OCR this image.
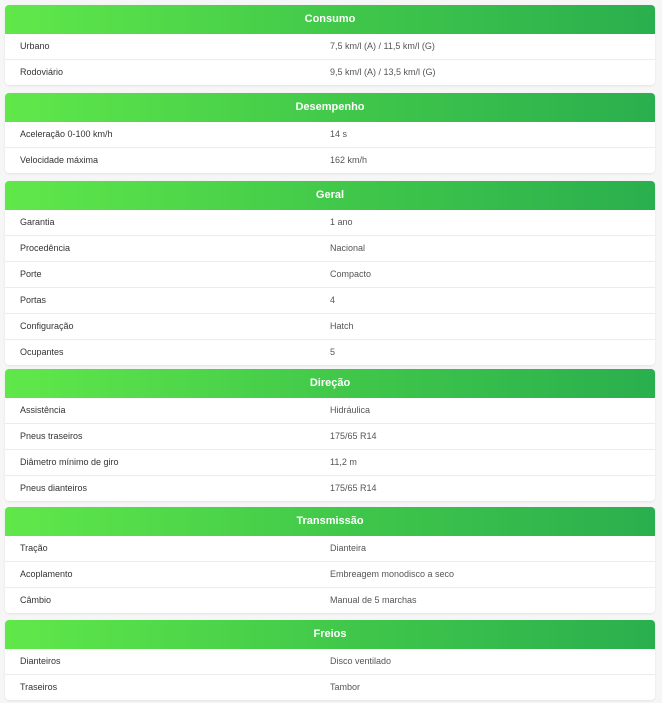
Consumo
Urbano	7,5 km/l (A) / 11,5 km/l (G)
Rodoviário	9,5 km/l (A) / 13,5 km/l (G)
Desempenho
Aceleração 0-100 km/h	14 s
Velocidade máxima	162 km/h
Geral
Garantia	1 ano
Procedência	Nacional
Porte	Compacto
Portas	4
Configuração	Hatch
Ocupantes	5
Direção
Assistência	Hidráulica
Pneus traseiros	175/65 R14
Diâmetro mínimo de giro	11,2 m
Pneus dianteiros	175/65 R14
Transmissão
Tração	Dianteira
Acoplamento	Embreagem monodisco a seco
Câmbio	Manual de 5 marchas
Freios
Dianteiros	Disco ventilado
Traseiros	Tambor
